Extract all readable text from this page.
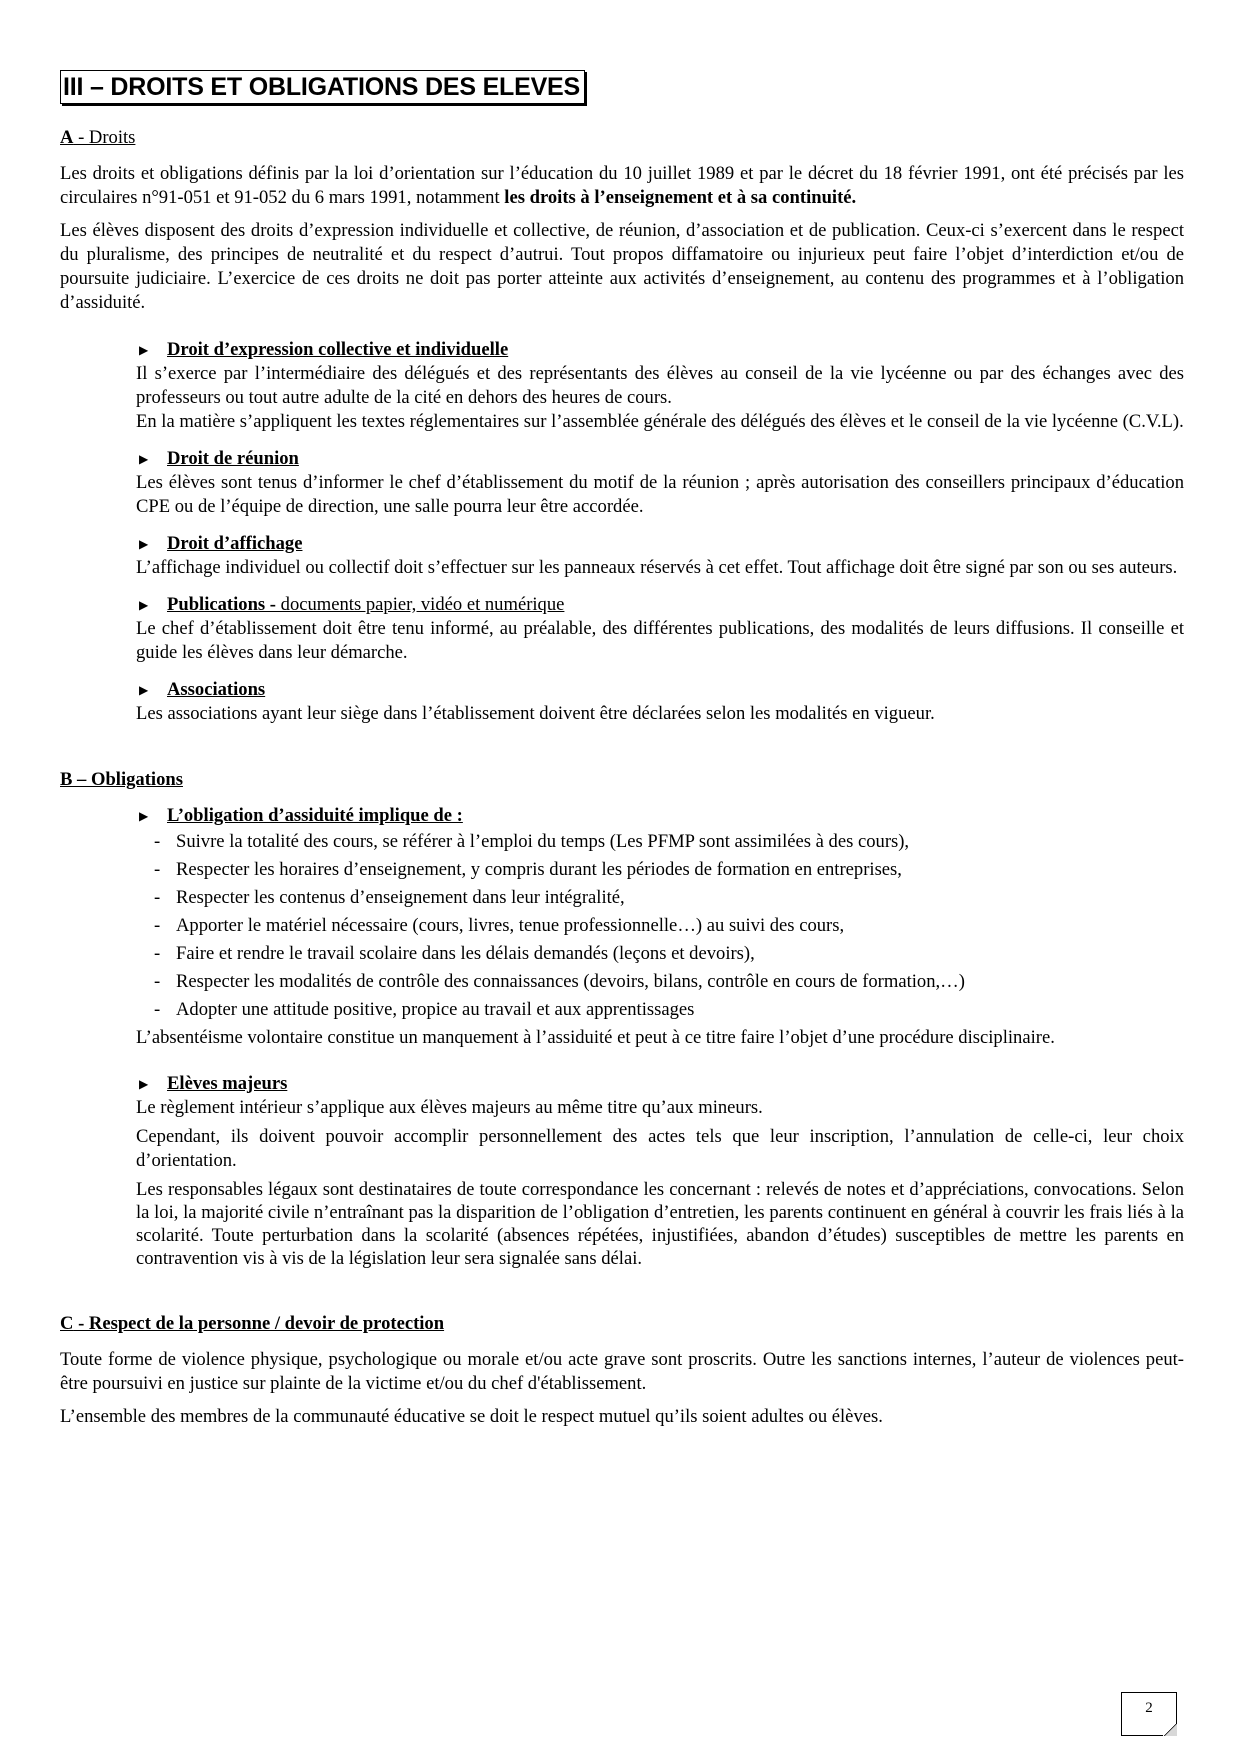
III – DROITS ET OBLIGATIONS DES ELEVES
A - Droits

Les droits et obligations définis par la loi d’orientation sur l’éducation du 10 juillet 1989 et par le décret du 18 février 1991, ont été précisés par les circulaires n°91-051 et 91-052 du 6 mars 1991, notamment les droits à l’enseignement et à sa continuité.

Les élèves disposent des droits d’expression individuelle et collective, de réunion, d’association et de publication. Ceux-ci s’exercent dans le respect du pluralisme, des principes de neutralité et du respect d’autrui. Tout propos diffamatoire ou injurieux peut faire l’objet d’interdiction et/ou de poursuite judiciaire. L’exercice de ces droits ne doit pas porter atteinte aux activités d’enseignement, au contenu des programmes et à l’obligation d’assiduité.

▶	Droit d’expression collective et individuelle

Il s’exerce par l’intermédiaire des délégués et des représentants des élèves au conseil de la vie lycéenne ou par des échanges avec des professeurs ou tout autre adulte de la cité en dehors des heures de cours.

En la matière s’appliquent les textes réglementaires sur l’assemblée générale des délégués des élèves et le conseil de la vie lycéenne (C.V.L).

▶	Droit de réunion

Les élèves sont tenus d’informer le chef d’établissement du motif de la réunion ; après autorisation des conseillers principaux d’éducation CPE ou de l’équipe de direction, une salle pourra leur être accordée.

▶	Droit d’affichage

L’affichage individuel ou collectif doit s’effectuer sur les panneaux réservés à cet effet. Tout affichage doit être signé par son ou ses auteurs.

▶	Publications - documents papier, vidéo et numérique

Le chef d’établissement doit être tenu informé, au préalable, des différentes publications, des modalités de leurs diffusions. Il conseille et guide les élèves dans leur démarche.

▶	Associations

Les associations ayant leur siège dans l’établissement doivent être déclarées selon les modalités en vigueur.

B – Obligations
▶	L’obligation d’assiduité implique de :
- Suivre la totalité des cours, se référer à l’emploi du temps (Les PFMP sont assimilées à des cours),
- Respecter les horaires d’enseignement, y compris durant les périodes de formation en entreprises,
- Respecter les contenus d’enseignement dans leur intégralité,
- Apporter le matériel nécessaire (cours, livres, tenue professionnelle…) au suivi des cours,
- Faire et rendre le travail scolaire dans les délais demandés (leçons et devoirs),
- Respecter les modalités de contrôle des connaissances (devoirs, bilans, contrôle en cours de formation,…)
- Adopter une attitude positive, propice au travail et aux apprentissages

L’absentéisme volontaire constitue un manquement à l’assiduité et peut à ce titre faire l’objet d’une procédure disciplinaire.

▶	Elèves majeurs

Le règlement intérieur s’applique aux élèves majeurs au même titre qu’aux mineurs.

Cependant, ils doivent pouvoir accomplir personnellement des actes tels que leur inscription, l’annulation de celle-ci, leur choix d’orientation.

Les responsables légaux sont destinataires de toute correspondance les concernant : relevés de notes et d’appréciations, convocations. Selon la loi, la majorité civile n’entraînant pas la disparition de l’obligation d’entretien, les parents continuent en général à couvrir les frais liés à la scolarité. Toute perturbation dans la scolarité (absences répétées, injustifiées, abandon d’études) susceptibles de mettre les parents en contravention vis à vis de la législation leur sera signalée sans délai.

C - Respect de la personne / devoir de protection

Toute forme de violence physique, psychologique ou morale et/ou acte grave sont proscrits. Outre les sanctions internes, l’auteur de violences peut-être poursuivi en justice sur plainte de la victime et/ou du chef d'établissement.

L’ensemble des membres de la communauté éducative se doit le respect mutuel qu’ils soient adultes ou élèves.

2
